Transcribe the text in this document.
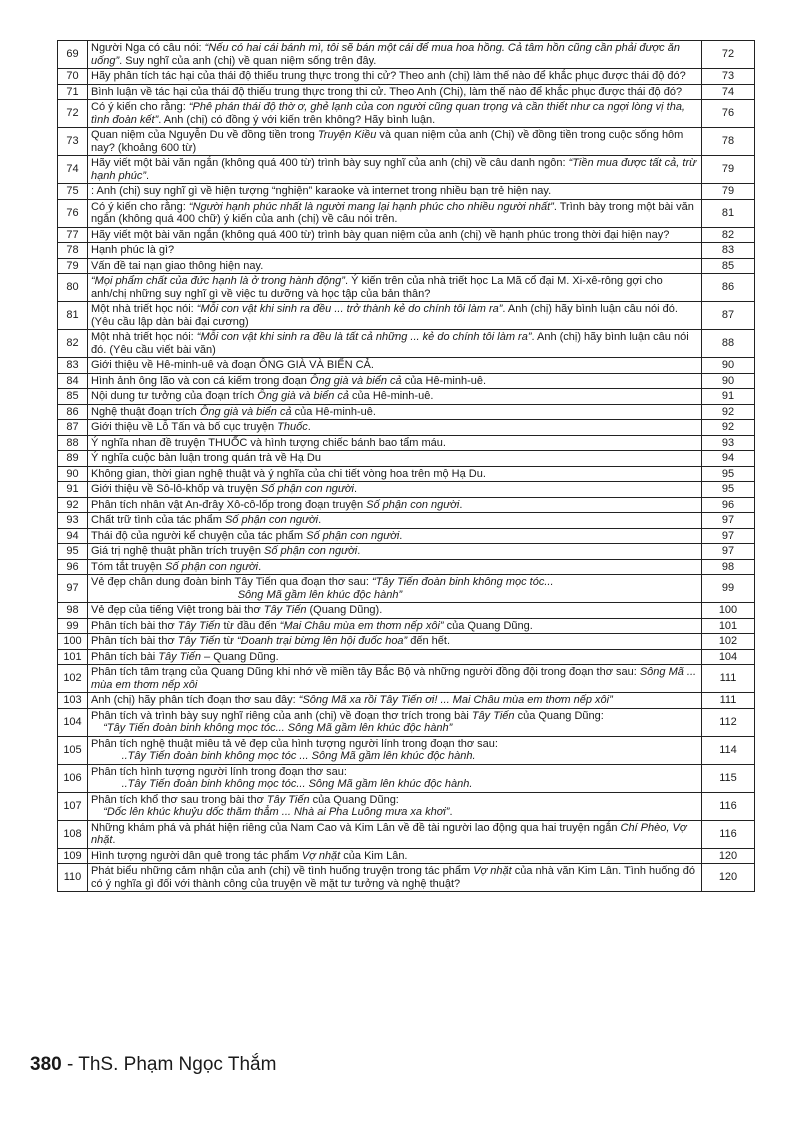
69	Người Nga có câu nói: “Nếu có hai cái bánh mì, tôi sẽ bán một cái để mua hoa hồng. Cả tâm hồn cũng cần phải được ăn uống”. Suy nghĩ của anh (chị) về quan niệm sống trên đây.	72
70	Hãy phân tích tác hại của thái độ thiếu trung thực trong thi cử? Theo anh (chị) làm thế nào để khắc phục được thái độ đó?	73
71	Bình luận về tác hại của thái độ thiếu trung thực trong thi cử. Theo Anh (Chị), làm thế nào để khắc phục được thái độ đó?	74
72	Có ý kiến cho rằng: “Phê phán thái độ thờ ơ, ghẻ lạnh của con người cũng quan trọng và cần thiết như ca ngợi lòng vị tha, tình đoàn kết”. Anh (chị) có đồng ý với kiến trên không? Hãy bình luận.	76
73	Quan niệm của Nguyễn Du về đồng tiền trong Truyện Kiều và quan niệm của anh (Chị) về đồng tiền trong cuộc sống hôm nay? (khoảng 600 từ)	78
74	Hãy viết một bài văn ngắn (không quá 400 từ) trình bày suy nghĩ của anh (chị) về câu danh ngôn: “Tiền mua được tất cả, trừ hạnh phúc”.	79
75	: Anh (chị) suy nghĩ gì về hiện tượng “nghiện” karaoke và internet trong nhiều bạn trẻ hiện nay.	79
76	Có ý kiến cho rằng: “Người hạnh phúc nhất là người mang lại hạnh phúc cho nhiều người nhất”. Trình bày trong một bài văn ngắn (không quá 400 chữ) ý kiến của anh (chị) về câu nói trên.	81
77	Hãy viết một bài văn ngắn (không quá 400 từ) trình bày quan niệm của anh (chị) về hạnh phúc trong thời đại hiện nay?	82
78	Hạnh phúc là gì?	83
79	Vấn đề tai nạn giao thông hiện nay.	85
80	“Mọi phẩm chất của đức hạnh là ở trong hành động”. Ý kiến trên của nhà triết học La Mã cổ đại M. Xi-xê-rông gợi cho anh/chị những suy nghĩ gì về việc tu dưỡng và học tập của bản thân?	86
81	Một nhà triết học nói: “Mỗi con vật khi sinh ra đều ... trở thành kẻ do chính tôi làm ra”. Anh (chị) hãy bình luận câu nói đó. (Yêu cầu lập dàn bài đại cương)	87
82	Một nhà triết học nói: “Mỗi con vật khi sinh ra đều là tất cả những ... kẻ do chính tôi làm ra”. Anh (chị) hãy bình luận câu nói đó. (Yêu cầu viết bài văn)	88
83	Giới thiệu về Hê-minh-uê và đoạn ÔNG GIÀ VÀ BIỂN CẢ.	90
84	Hình ảnh ông lão và con cá kiếm trong đoạn Ông già và biển cả của Hê-minh-uê.	90
85	Nội dung tư tưởng của đoạn trích Ông già và biển cả của Hê-minh-uê.	91
86	Nghệ thuật đoạn trích Ông già và biển cả của Hê-minh-uê.	92
87	Giới thiệu về Lỗ Tấn và bố cục truyện Thuốc.	92
88	Ý nghĩa nhan đề truyện THUỐC và hình tượng chiếc bánh bao tẩm máu.	93
89	Ý nghĩa cuộc bàn luận trong quán trà về Hạ Du	94
90	Không gian, thời gian nghệ thuật và ý nghĩa của chi tiết vòng hoa trên mộ Hạ Du.	95
91	Giới thiệu về Sô-lô-khốp và truyện Số phận con người.	95
92	Phân tích nhân vật An-đrây Xô-cô-lốp trong đoạn truyện Số phận con người.	96
93	Chất trữ tình của tác phẩm Số phận con người.	97
94	Thái độ của người kể chuyện của tác phẩm Số phận con người.	97
95	Giá trị nghệ thuật phần trích truyện Số phận con người.	97
96	Tóm tắt truyện Số phận con người.	98
97	Vẻ đẹp chân dung đoàn binh Tây Tiến qua đoạn thơ sau: “Tây Tiến đoàn binh không mọc tóc...
Sông Mã gầm lên khúc độc hành”	99
98	Vẻ đẹp của tiếng Việt trong bài thơ Tây Tiến (Quang Dũng).	100
99	Phân tích bài thơ Tây Tiến từ đầu đến “Mai Châu mùa em thơm nếp xôi” của Quang Dũng.	101
100	Phân tích bài thơ Tây Tiến từ “Doanh trại bừng lên hội đuốc hoa” đến hết.	102
101	Phân tích bài Tây Tiến – Quang Dũng.	104
102	Phân tích tâm trạng của Quang Dũng khi nhớ về miền tây Bắc Bộ và những người đồng đội trong đoạn thơ sau: Sông Mã ... mùa em thơm nếp xôi	111
103	Anh (chị) hãy phân tích đoạn thơ sau đây: “Sông Mã xa rồi Tây Tiến ơi! ... Mai Châu mùa em thơm nếp xôi”	111
104	Phân tích và trình bày suy nghĩ riêng của anh (chị) về đoạn thơ trích trong bài Tây Tiến của Quang Dũng:
“Tây Tiến đoàn binh không mọc tóc... Sông Mã gầm lên khúc độc hành”	112
105	Phân tích nghệ thuật miêu tả vẻ đẹp của hình tượng người lính trong đoạn thơ sau:
..Tây Tiến đoàn binh không mọc tóc ... Sông Mã gầm lên khúc độc hành.	114
106	Phân tích hình tượng người lính trong đoạn thơ sau:
..Tây Tiến đoàn binh không mọc tóc... Sông Mã gầm lên khúc độc hành.	115
107	Phân tích khổ thơ sau trong bài thơ Tây Tiến của Quang Dũng:
“Dốc lên khúc khuỷu dốc thăm thẳm ... Nhà ai Pha Luông mưa xa khơi”.	116
108	Những khám phá và phát hiện riêng của Nam Cao và Kim Lân về đề tài người lao động qua hai truyện ngắn Chí Phèo, Vợ nhặt.	116
109	Hình tượng người dân quê trong tác phẩm Vợ nhặt của Kim Lân.	120
110	Phát biểu những cảm nhận của anh (chị) về tình huống truyện trong tác phẩm Vợ nhặt của nhà văn Kim Lân. Tình huống đó có ý nghĩa gì đối với thành công của truyện về mặt tư tưởng và nghệ thuật?	120
380 - ThS. Phạm Ngọc Thắm
